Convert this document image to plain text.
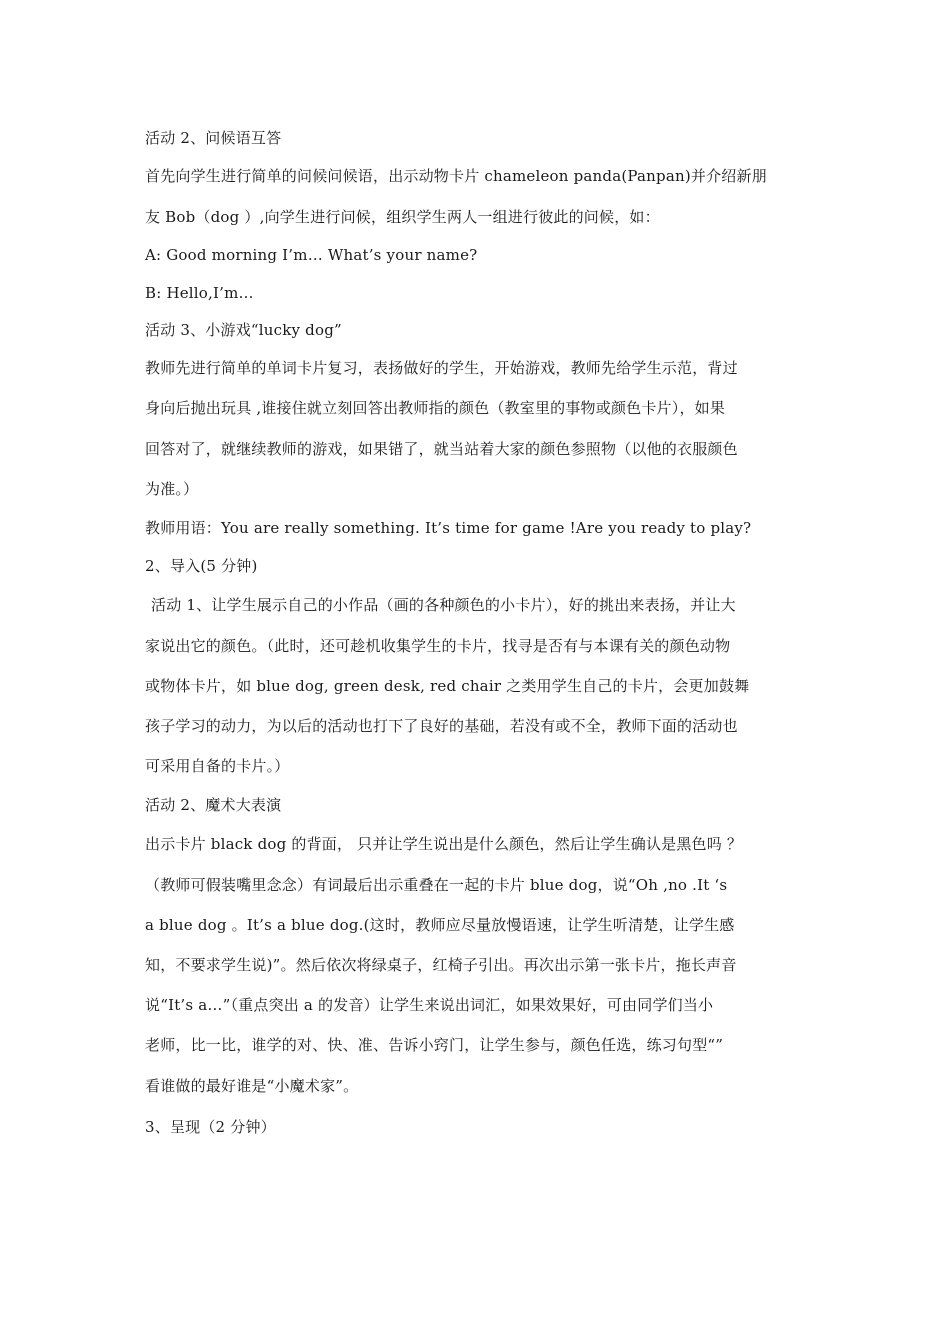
活动 2、问候语互答
首先向学生进行简单的问候问候语，出示动物卡片 chameleon panda(Panpan)并介绍新朋
友 Bob（dog ）,向学生进行问候，组织学生两人一组进行彼此的问候，如：
A: Good morning I’m… What’s your name?
B: Hello,I’m…
活动 3、小游戏“lucky dog”
教师先进行简单的单词卡片复习，表扬做好的学生，开始游戏，教师先给学生示范，背过
身向后抛出玩具 ,谁接住就立刻回答出教师指的颜色（教室里的事物或颜色卡片），如果
回答对了，就继续教师的游戏，如果错了，就当站着大家的颜色参照物（以他的衣服颜色
为准。）
教师用语：You are really something. It’s time for game !Are you ready to play?
2、导入(5 分钟)
活动 1、让学生展示自己的小作品（画的各种颜色的小卡片），好的挑出来表扬，并让大
家说出它的颜色。（此时，还可趁机收集学生的卡片，找寻是否有与本课有关的颜色动物
或物体卡片，如 blue dog, green desk, red chair 之类用学生自己的卡片，会更加鼓舞
孩子学习的动力，为以后的活动也打下了良好的基础，若没有或不全，教师下面的活动也
可采用自备的卡片。）
活动 2、魔术大表演
出示卡片 black dog 的背面， 只并让学生说出是什么颜色，然后让学生确认是黑色吗 ？
（教师可假装嘴里念念）有词最后出示重叠在一起的卡片 blue dog，说“Oh ,no .It ‘s
a blue dog 。It’s a blue dog.(这时，教师应尽量放慢语速，让学生听清楚，让学生感
知，不要求学生说)”。然后依次将绿桌子，红椅子引出。再次出示第一张卡片，拖长声音
说“It’s a…”（重点突出 a 的发音）让学生来说出词汇，如果效果好，可由同学们当小
老师，比一比，谁学的对、快、准、告诉小窍门，让学生参与，颜色任选，练习句型“”
看谁做的最好谁是“小魔术家”。
3、呈现（2 分钟）
